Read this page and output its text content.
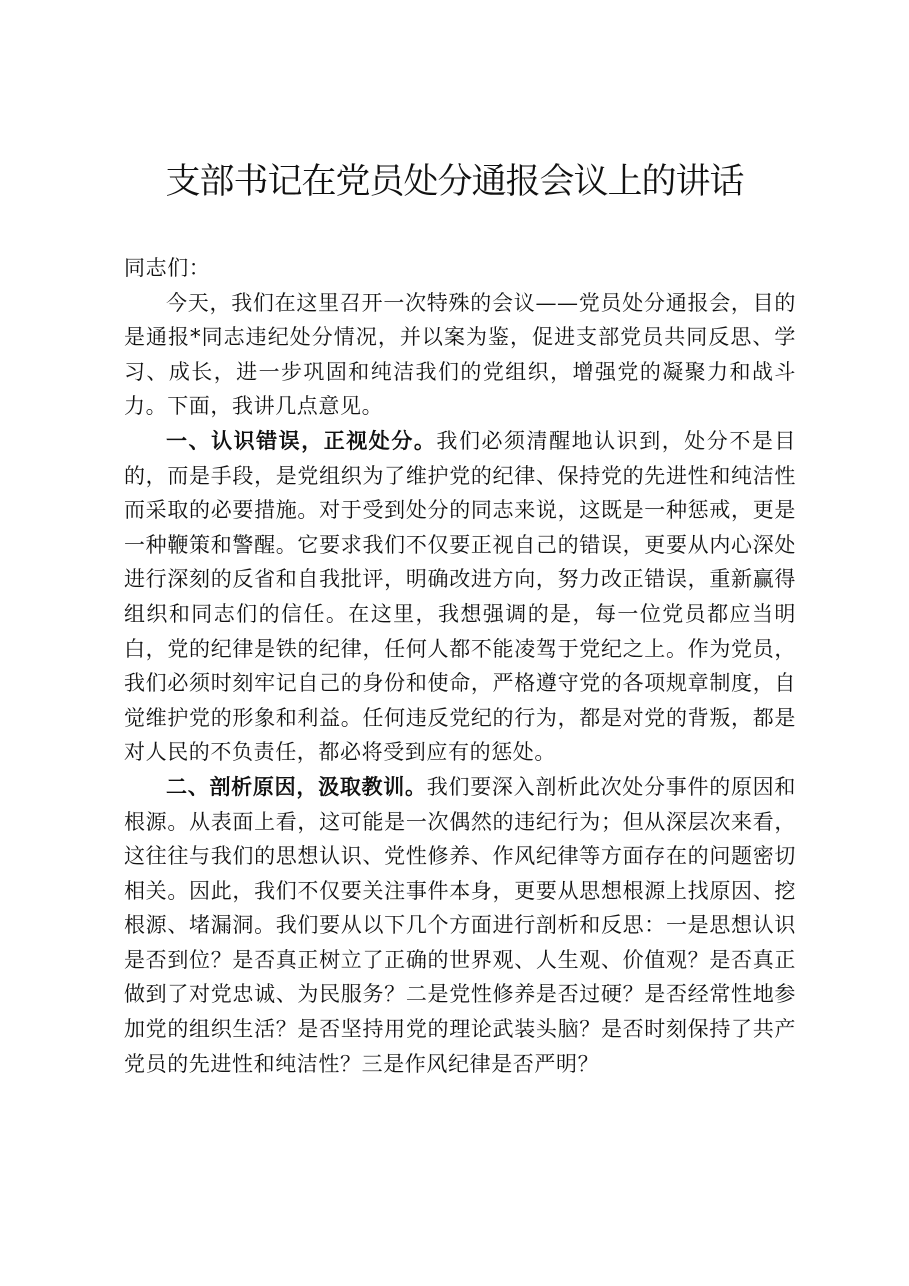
支部书记在党员处分通报会议上的讲话

同志们：

今天，我们在这里召开一次特殊的会议——党员处分通报会，目的是通报*同志违纪处分情况，并以案为鉴，促进支部党员共同反思、学习、成长，进一步巩固和纯洁我们的党组织，增强党的凝聚力和战斗力。下面，我讲几点意见。

一、认识错误，正视处分。我们必须清醒地认识到，处分不是目的，而是手段，是党组织为了维护党的纪律、保持党的先进性和纯洁性而采取的必要措施。对于受到处分的同志来说，这既是一种惩戒，更是一种鞭策和警醒。它要求我们不仅要正视自己的错误，更要从内心深处进行深刻的反省和自我批评，明确改进方向，努力改正错误，重新赢得组织和同志们的信任。在这里，我想强调的是，每一位党员都应当明白，党的纪律是铁的纪律，任何人都不能凌驾于党纪之上。作为党员，我们必须时刻牢记自己的身份和使命，严格遵守党的各项规章制度，自觉维护党的形象和利益。任何违反党纪的行为，都是对党的背叛，都是对人民的不负责任，都必将受到应有的惩处。

二、剖析原因，汲取教训。我们要深入剖析此次处分事件的原因和根源。从表面上看，这可能是一次偶然的违纪行为；但从深层次来看，这往往与我们的思想认识、党性修养、作风纪律等方面存在的问题密切相关。因此，我们不仅要关注事件本身，更要从思想根源上找原因、挖根源、堵漏洞。我们要从以下几个方面进行剖析和反思：一是思想认识是否到位？是否真正树立了正确的世界观、人生观、价值观？是否真正做到了对党忠诚、为民服务？二是党性修养是否过硬？是否经常性地参加党的组织生活？是否坚持用党的理论武装头脑？是否时刻保持了共产党员的先进性和纯洁性？三是作风纪律是否严明？
